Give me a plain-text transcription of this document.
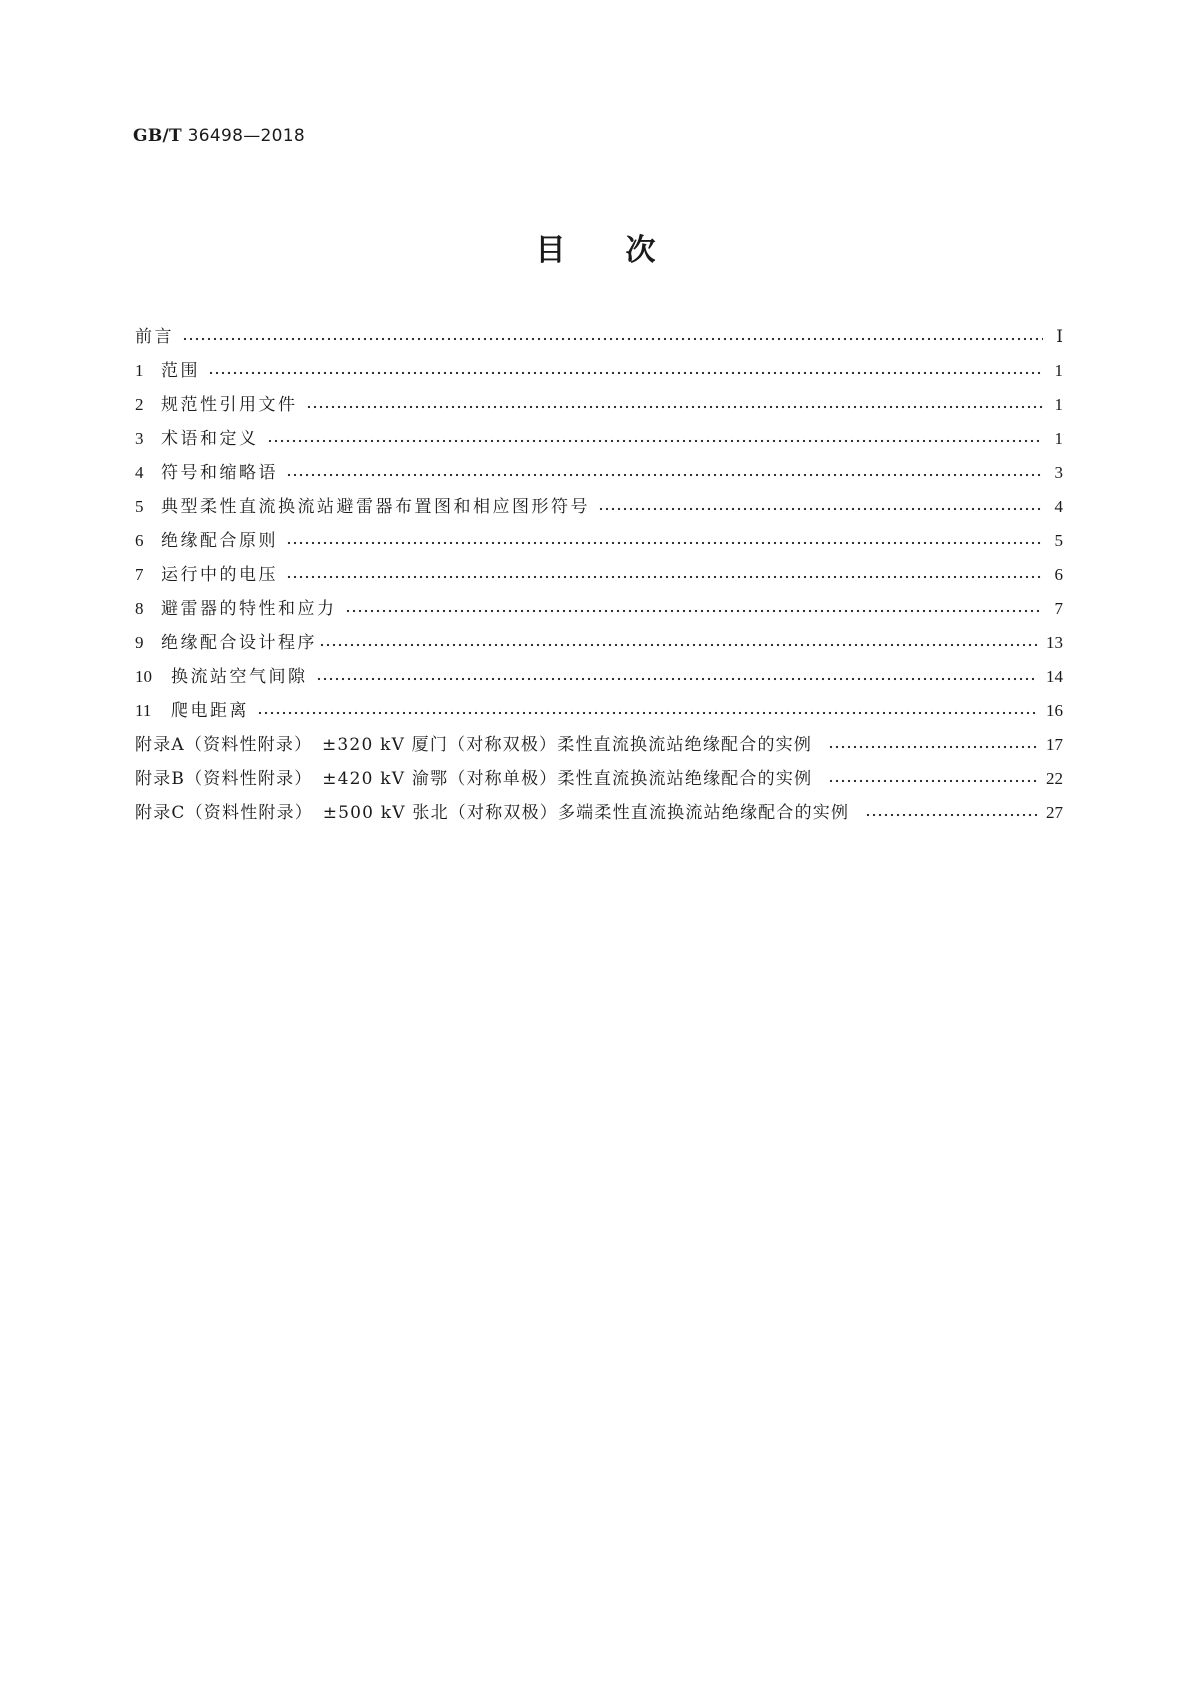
GB/T 36498—2018
目次
前言	Ⅰ
1	范围	1
2	规范性引用文件	1
3	术语和定义	1
4	符号和缩略语	3
5	典型柔性直流换流站避雷器布置图和相应图形符号	4
6	绝缘配合原则	5
7	运行中的电压	6
8	避雷器的特性和应力	7
9	绝缘配合设计程序	13
10	换流站空气间隙	14
11	爬电距离	16
附录A（资料性附录）　±320 kV 厦门（对称双极）柔性直流换流站绝缘配合的实例	17
附录B（资料性附录）　±420 kV 渝鄂（对称单极）柔性直流换流站绝缘配合的实例	22
附录C（资料性附录）　±500 kV 张北（对称双极）多端柔性直流换流站绝缘配合的实例	27
